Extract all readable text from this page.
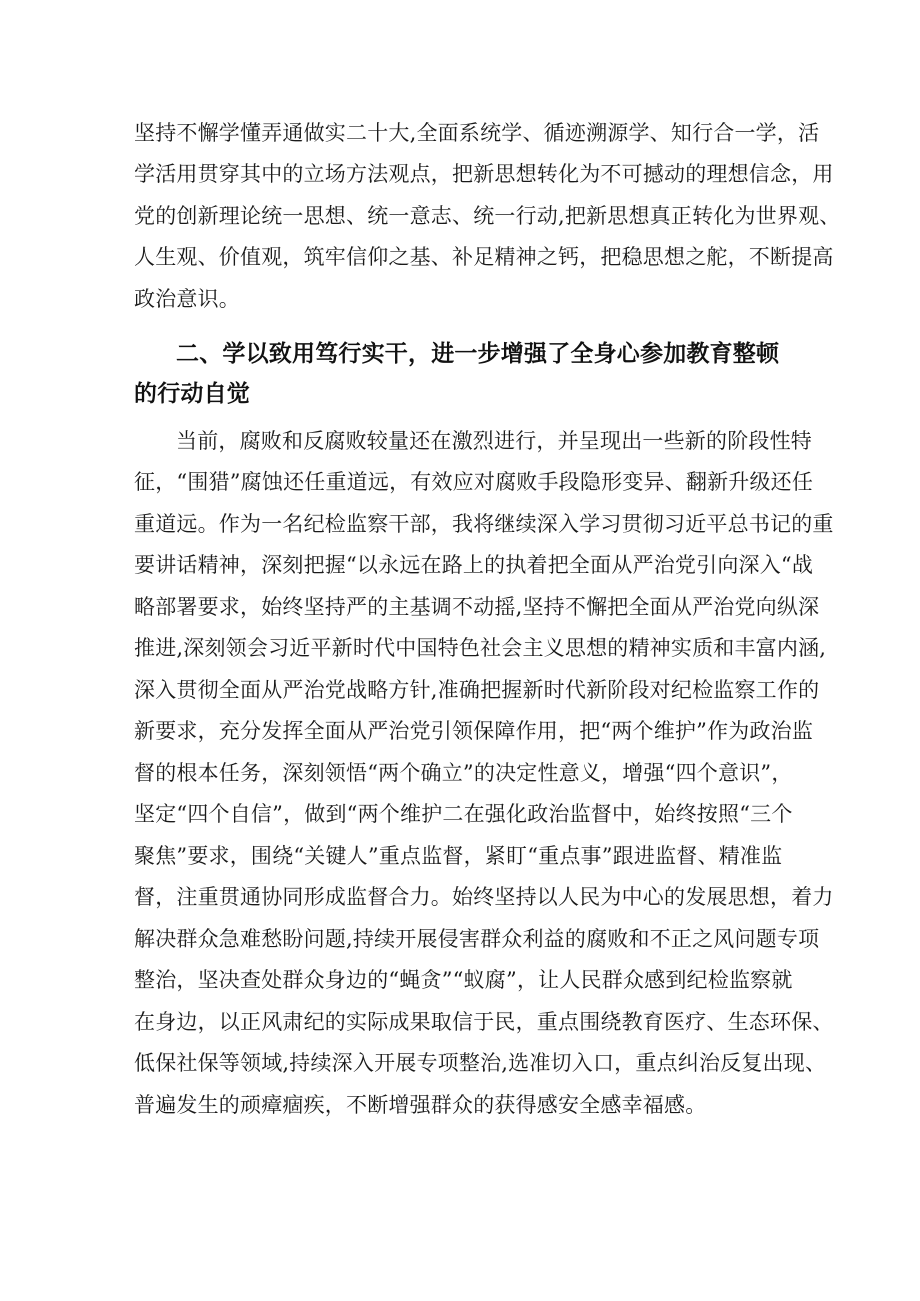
坚持不懈学懂弄通做实二十大,全面系统学、循迹溯源学、知行合一学，活
学活用贯穿其中的立场方法观点，把新思想转化为不可撼动的理想信念，用
党的创新理论统一思想、统一意志、统一行动,把新思想真正转化为世界观、
人生观、价值观，筑牢信仰之基、补足精神之钙，把稳思想之舵，不断提高
政治意识。
二、学以致用笃行实干，进一步增强了全身心参加教育整顿
的行动自觉
当前，腐败和反腐败较量还在激烈进行，并呈现出一些新的阶段性特
征，“围猎”腐蚀还任重道远，有效应对腐败手段隐形变异、翻新升级还任
重道远。作为一名纪检监察干部，我将继续深入学习贯彻习近平总书记的重
要讲话精神，深刻把握“以永远在路上的执着把全面从严治党引向深入“战
略部署要求，始终坚持严的主基调不动摇,坚持不懈把全面从严治党向纵深
推进,深刻领会习近平新时代中国特色社会主义思想的精神实质和丰富内涵,
深入贯彻全面从严治党战略方针,准确把握新时代新阶段对纪检监察工作的
新要求，充分发挥全面从严治党引领保障作用，把“两个维护”作为政治监
督的根本任务，深刻领悟“两个确立”的决定性意义，增强“四个意识”，
坚定“四个自信”，做到“两个维护二在强化政治监督中，始终按照“三个
聚焦”要求，围绕“关键人”重点监督，紧盯“重点事”跟进监督、精准监
督，注重贯通协同形成监督合力。始终坚持以人民为中心的发展思想，着力
解决群众急难愁盼问题,持续开展侵害群众利益的腐败和不正之风问题专项
整治，坚决查处群众身边的“蝇贪”“蚁腐”，让人民群众感到纪检监察就
在身边，以正风肃纪的实际成果取信于民，重点围绕教育医疗、生态环保、
低保社保等领域,持续深入开展专项整治,选准切入口，重点纠治反复出现、
普遍发生的顽瘴痼疾，不断增强群众的获得感安全感幸福感。
